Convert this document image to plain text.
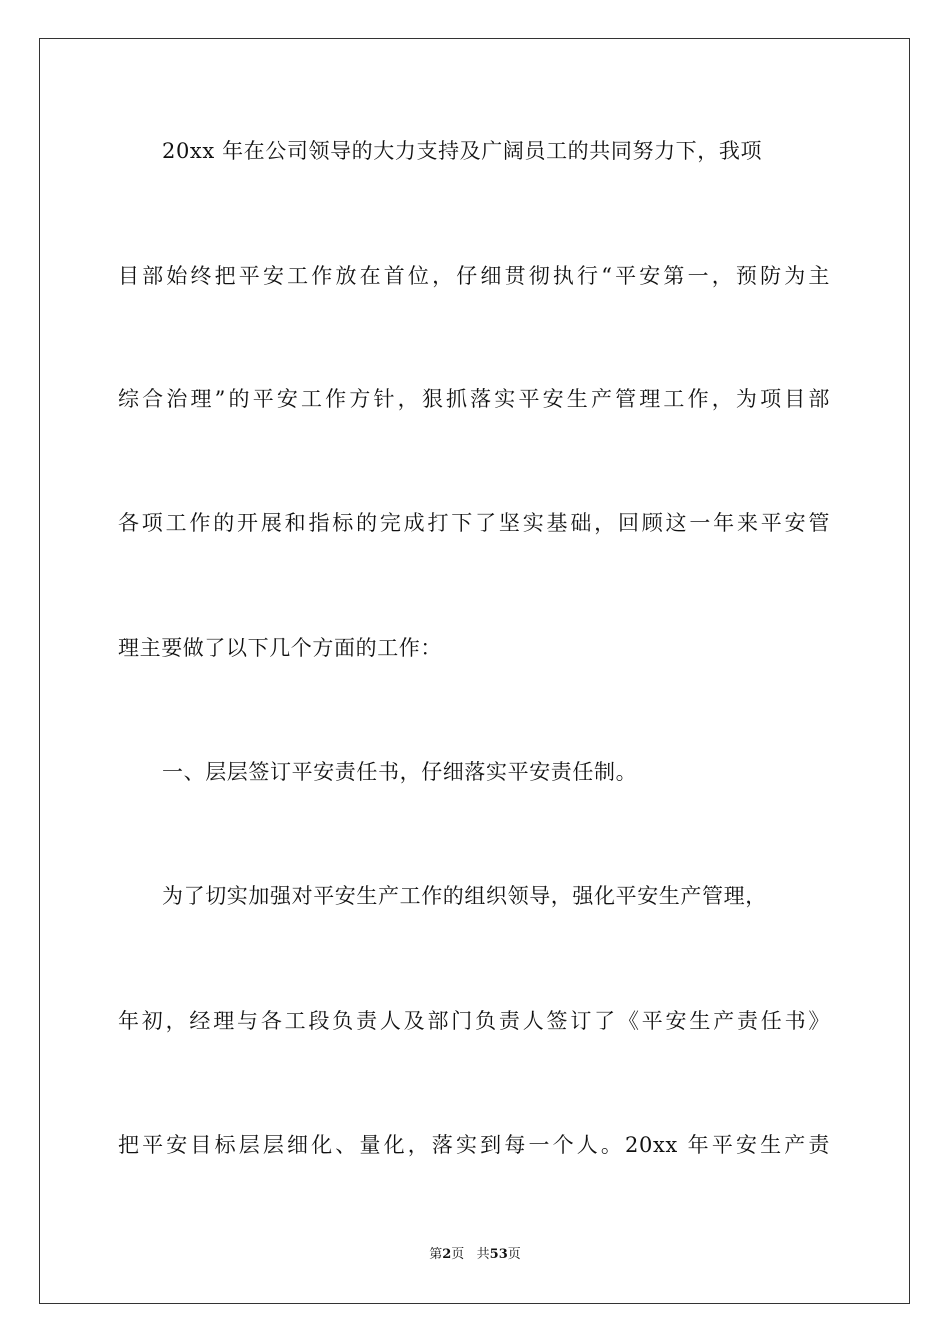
20xx 年在公司领导的大力支持及广阔员工的共同努力下，我项
目部始终把平安工作放在首位，仔细贯彻执行“平安第一，预防为主
综合治理”的平安工作方针，狠抓落实平安生产管理工作，为项目部
各项工作的开展和指标的完成打下了坚实基础，回顾这一年来平安管
理主要做了以下几个方面的工作：
一、层层签订平安责任书，仔细落实平安责任制。
为了切实加强对平安生产工作的组织领导，强化平安生产管理，
年初，经理与各工段负责人及部门负责人签订了《平安生产责任书》
把平安目标层层细化、量化，落实到每一个人。20xx 年平安生产责
第2页   共53页
